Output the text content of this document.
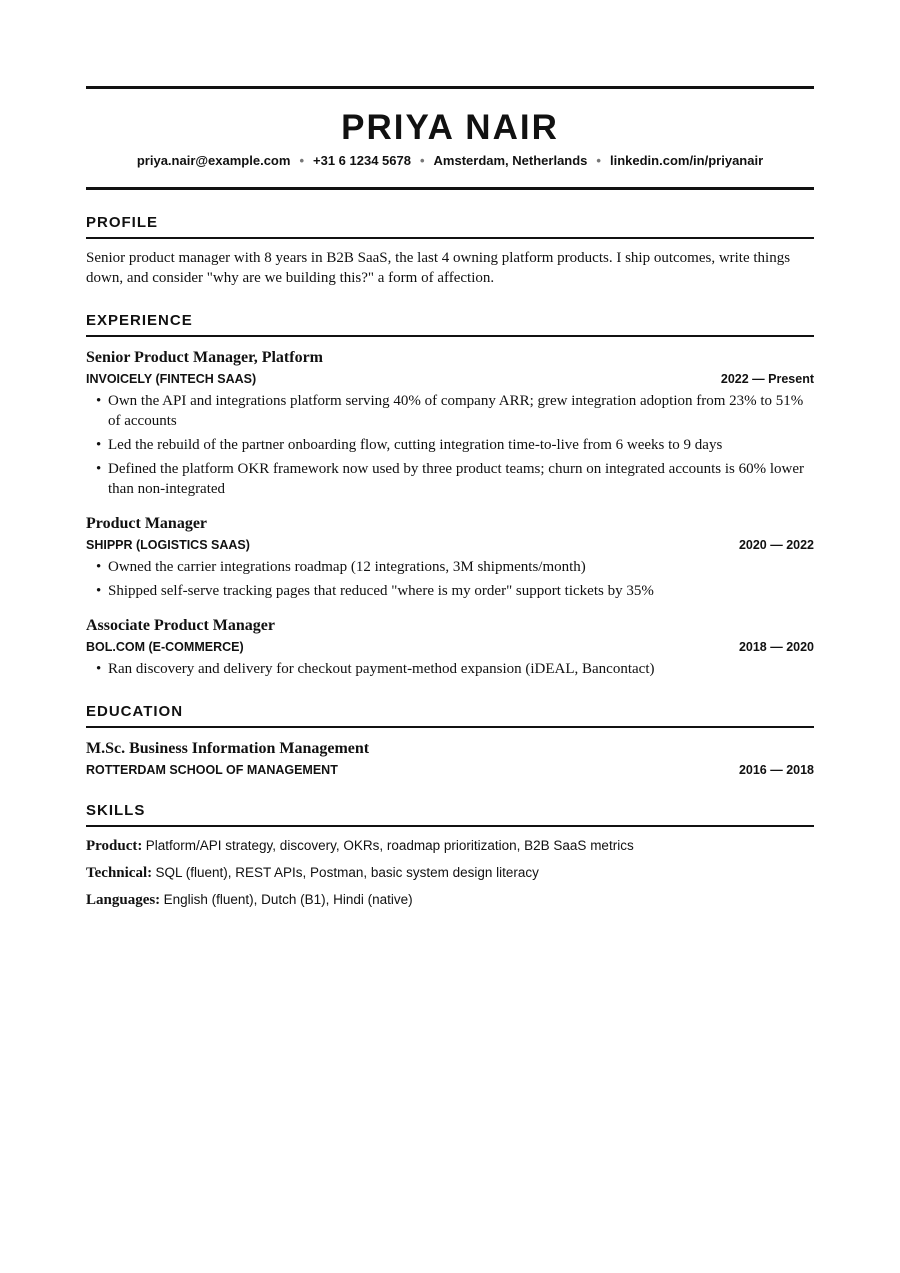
PRIYA NAIR
priya.nair@example.com • +31 6 1234 5678 • Amsterdam, Netherlands • linkedin.com/in/priyanair
PROFILE
Senior product manager with 8 years in B2B SaaS, the last 4 owning platform products. I ship outcomes, write things down, and consider "why are we building this?" a form of affection.
EXPERIENCE
Senior Product Manager, Platform
INVOICELY (FINTECH SAAS)	2022 — Present
• Own the API and integrations platform serving 40% of company ARR; grew integration adoption from 23% to 51% of accounts
• Led the rebuild of the partner onboarding flow, cutting integration time-to-live from 6 weeks to 9 days
• Defined the platform OKR framework now used by three product teams; churn on integrated accounts is 60% lower than non-integrated
Product Manager
SHIPPR (LOGISTICS SAAS)	2020 — 2022
• Owned the carrier integrations roadmap (12 integrations, 3M shipments/month)
• Shipped self-serve tracking pages that reduced "where is my order" support tickets by 35%
Associate Product Manager
BOL.COM (E-COMMERCE)	2018 — 2020
• Ran discovery and delivery for checkout payment-method expansion (iDEAL, Bancontact)
EDUCATION
M.Sc. Business Information Management
ROTTERDAM SCHOOL OF MANAGEMENT	2016 — 2018
SKILLS
Product: Platform/API strategy, discovery, OKRs, roadmap prioritization, B2B SaaS metrics
Technical: SQL (fluent), REST APIs, Postman, basic system design literacy
Languages: English (fluent), Dutch (B1), Hindi (native)
